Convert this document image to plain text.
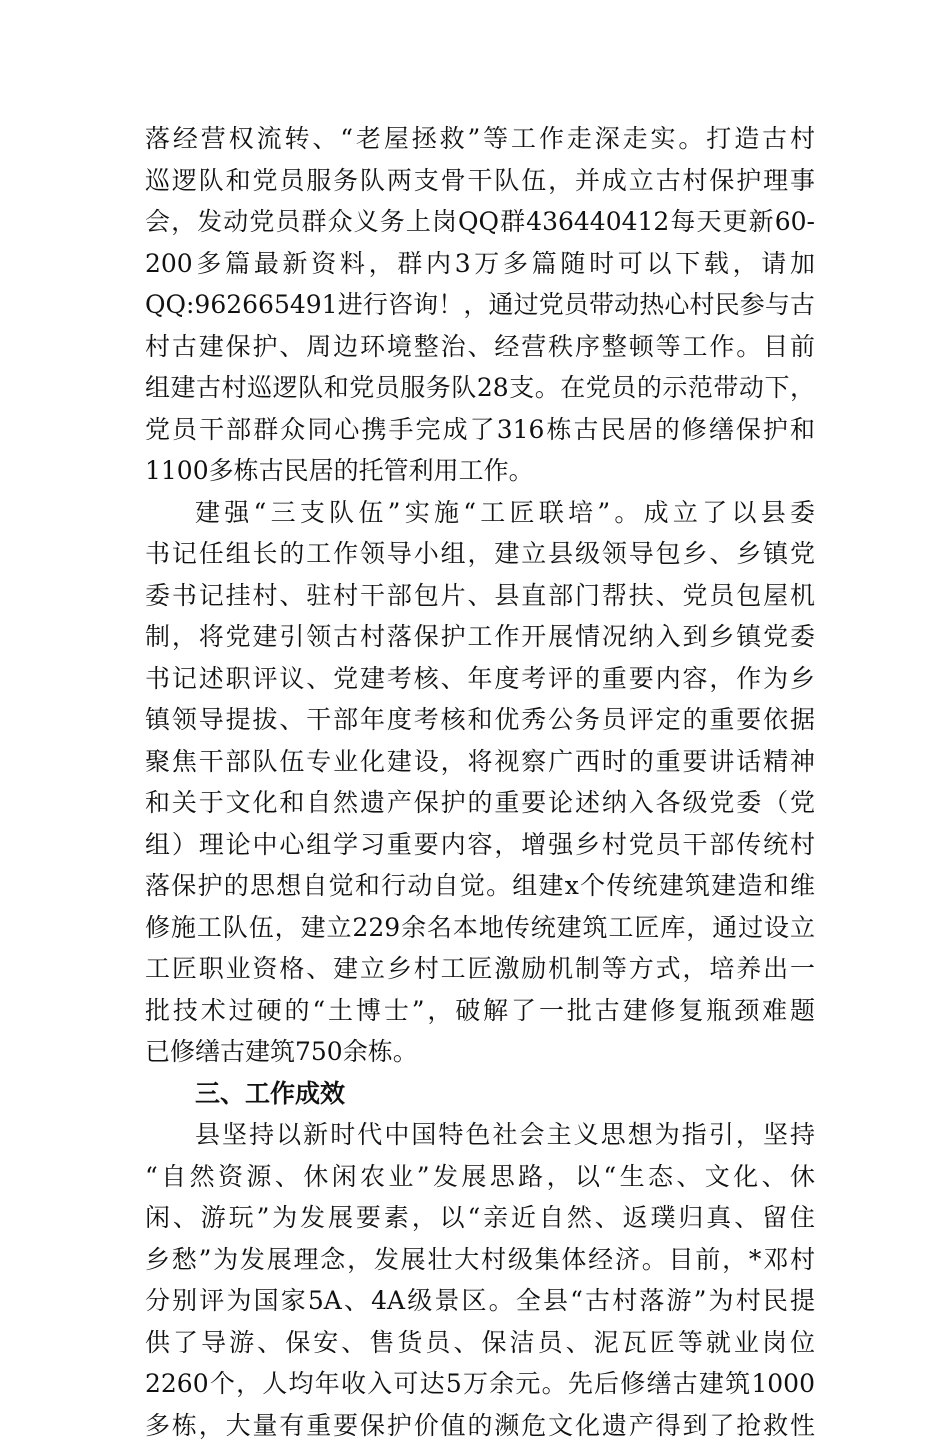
落经营权流转、“老屋拯救”等工作走深走实。打造古村
巡逻队和党员服务队两支骨干队伍，并成立古村保护理事
会，发动党员群众义务上岗QQ群436440412每天更新60-
200多篇最新资料，群内3万多篇随时可以下载，请加
QQ:962665491进行咨询！，通过党员带动热心村民参与古
村古建保护、周边环境整治、经营秩序整顿等工作。目前
组建古村巡逻队和党员服务队28支。在党员的示范带动下，
党员干部群众同心携手完成了316栋古民居的修缮保护和
1100多栋古民居的托管利用工作。
建强“三支队伍”实施“工匠联培”。成立了以县委
书记任组长的工作领导小组，建立县级领导包乡、乡镇党
委书记挂村、驻村干部包片、县直部门帮扶、党员包屋机
制，将党建引领古村落保护工作开展情况纳入到乡镇党委
书记述职评议、党建考核、年度考评的重要内容，作为乡
镇领导提拔、干部年度考核和优秀公务员评定的重要依据
聚焦干部队伍专业化建设，将视察广西时的重要讲话精神
和关于文化和自然遗产保护的重要论述纳入各级党委（党
组）理论中心组学习重要内容，增强乡村党员干部传统村
落保护的思想自觉和行动自觉。组建x个传统建筑建造和维
修施工队伍，建立229余名本地传统建筑工匠库，通过设立
工匠职业资格、建立乡村工匠激励机制等方式，培养出一
批技术过硬的“土博士”，破解了一批古建修复瓶颈难题
已修缮古建筑750余栋。
三、工作成效
县坚持以新时代中国特色社会主义思想为指引，坚持
“自然资源、休闲农业”发展思路，以“生态、文化、休
闲、游玩”为发展要素，以“亲近自然、返璞归真、留住
乡愁”为发展理念，发展壮大村级集体经济。目前，*邓村
分别评为国家5A、4A级景区。全县“古村落游”为村民提
供了导游、保安、售货员、保洁员、泥瓦匠等就业岗位
2260个，人均年收入可达5万余元。先后修缮古建筑1000
多栋，大量有重要保护价值的濒危文化遗产得到了抢救性
